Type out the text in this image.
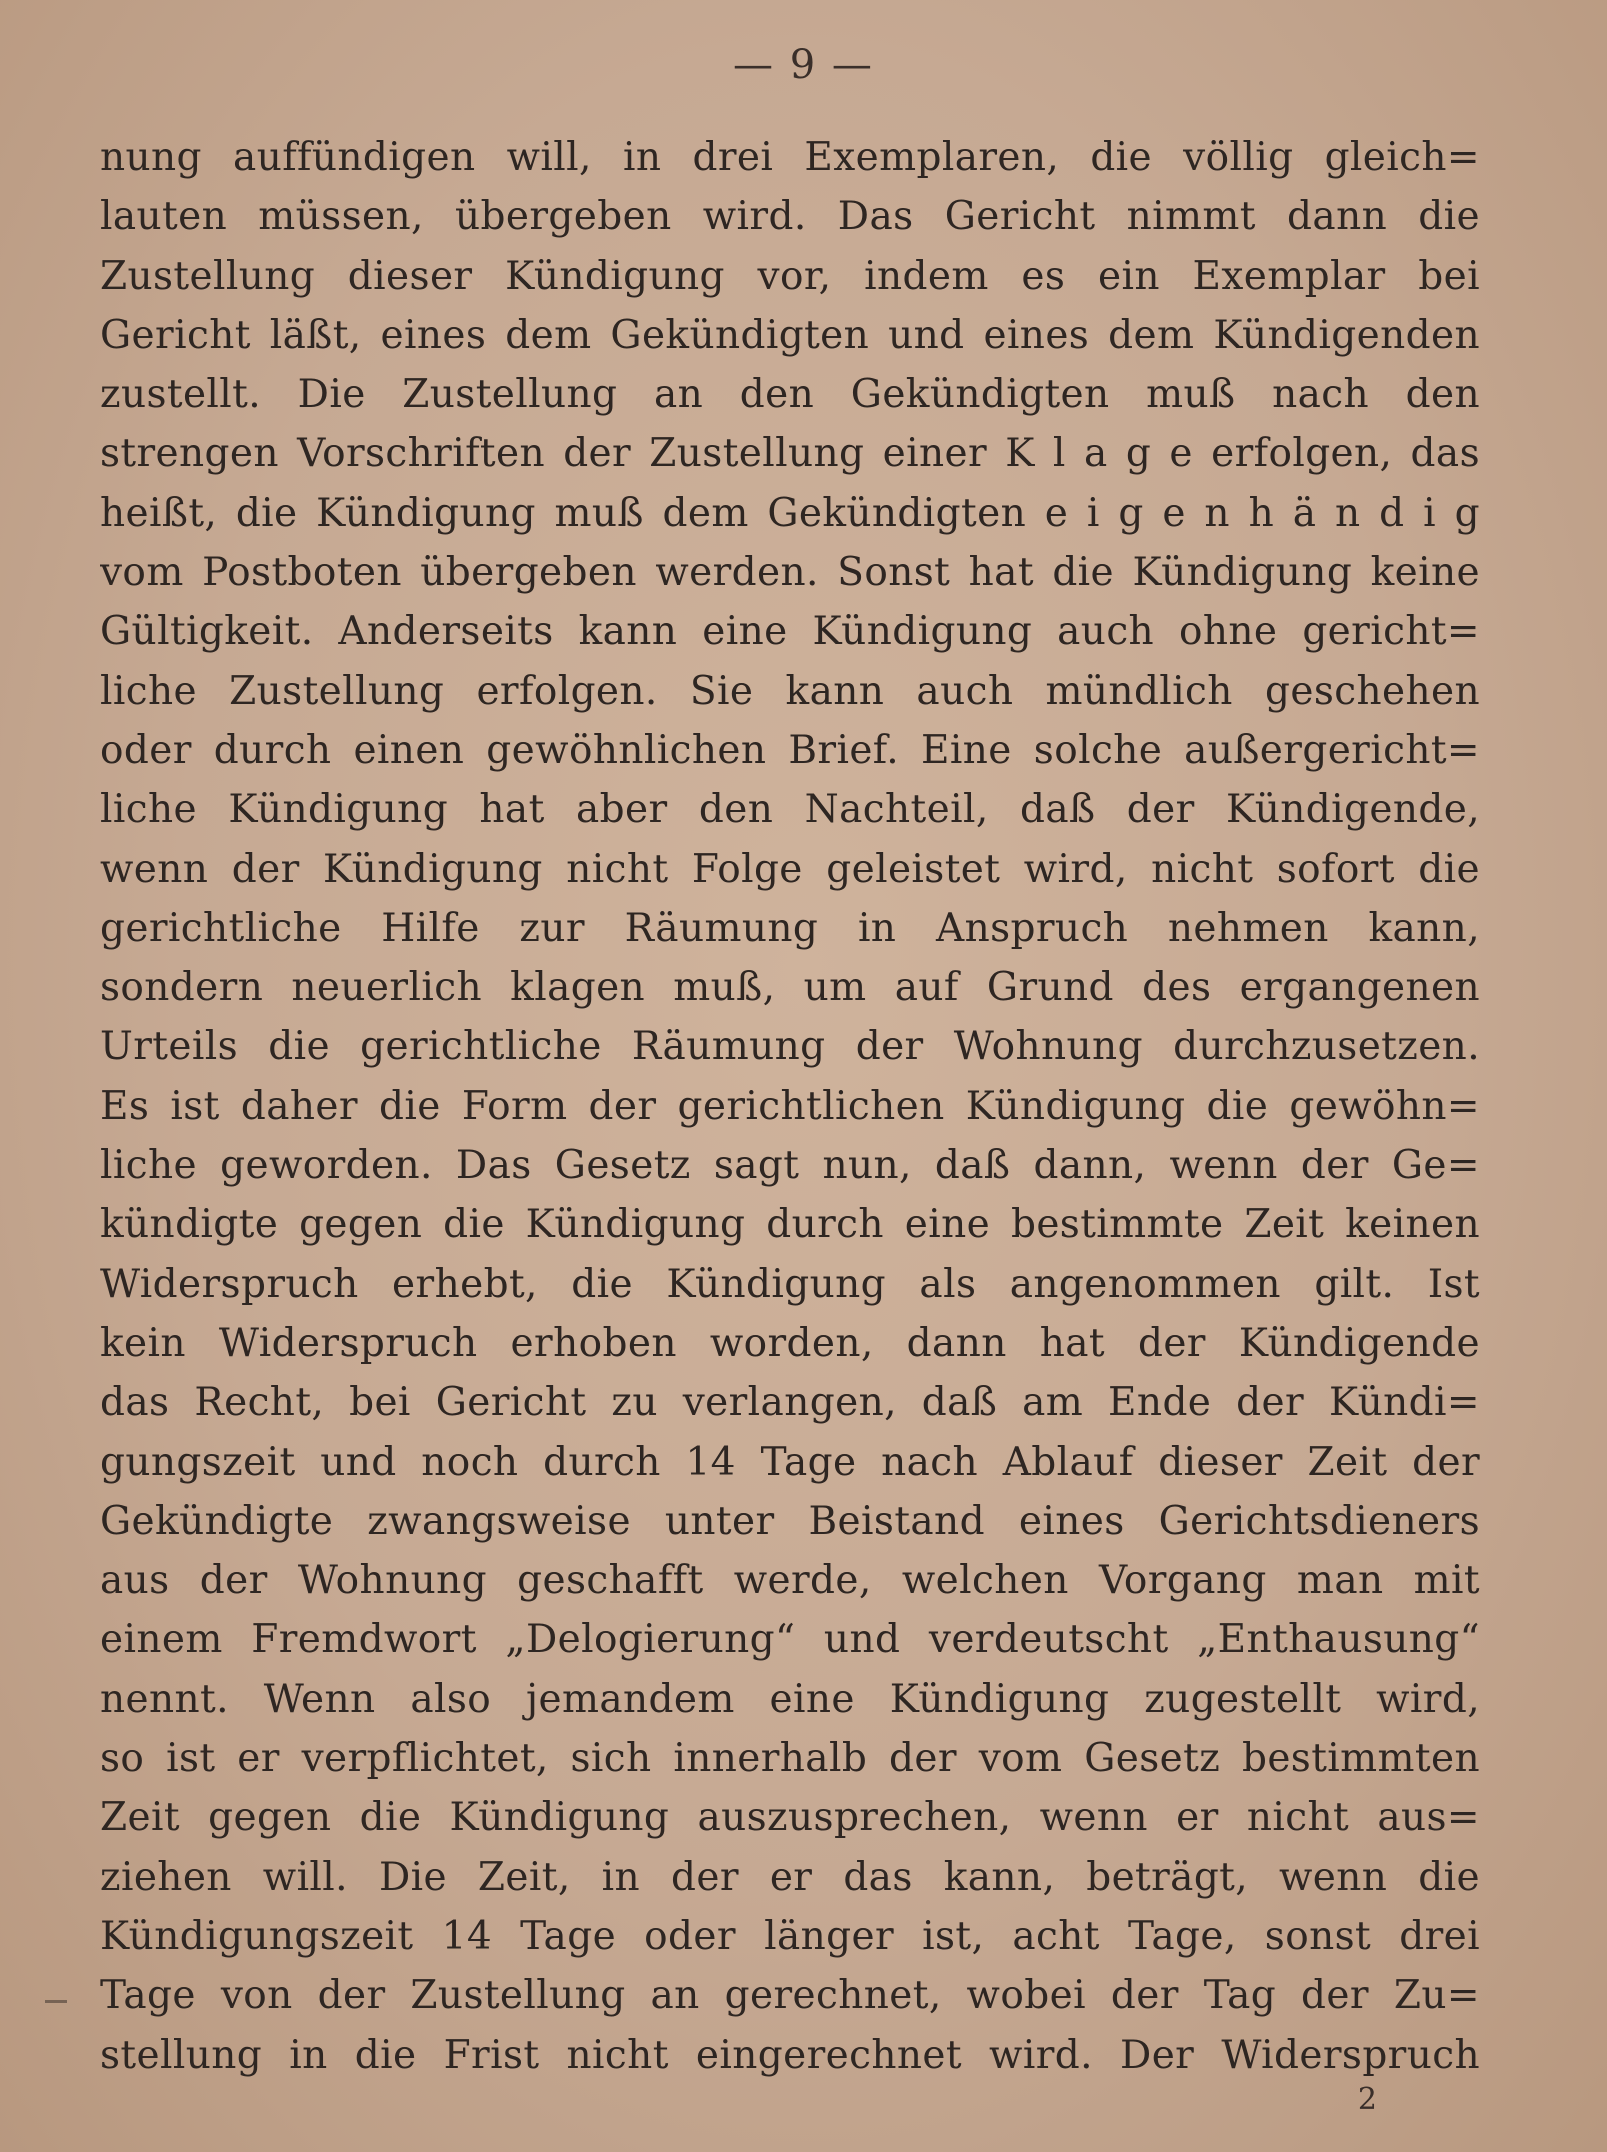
— 9 —
nung auffündigen will, in drei Exemplaren, die völlig gleich=
lauten müssen, übergeben wird. Das Gericht nimmt dann die
Zustellung dieser Kündigung vor, indem es ein Exemplar bei
Gericht läßt, eines dem Gekündigten und eines dem Kündigenden
zustellt. Die Zustellung an den Gekündigten muß nach den
strengen Vorschriften der Zustellung einer K l a g e erfolgen, das
heißt, die Kündigung muß dem Gekündigten e i g e n h ä n d i g
vom Postboten übergeben werden. Sonst hat die Kündigung keine
Gültigkeit. Anderseits kann eine Kündigung auch ohne gericht=
liche Zustellung erfolgen. Sie kann auch mündlich geschehen
oder durch einen gewöhnlichen Brief. Eine solche außergericht=
liche Kündigung hat aber den Nachteil, daß der Kündigende,
wenn der Kündigung nicht Folge geleistet wird, nicht sofort die
gerichtliche Hilfe zur Räumung in Anspruch nehmen kann,
sondern neuerlich klagen muß, um auf Grund des ergangenen
Urteils die gerichtliche Räumung der Wohnung durchzusetzen.
Es ist daher die Form der gerichtlichen Kündigung die gewöhn=
liche geworden. Das Gesetz sagt nun, daß dann, wenn der Ge=
kündigte gegen die Kündigung durch eine bestimmte Zeit keinen
Widerspruch erhebt, die Kündigung als angenommen gilt. Ist
kein Widerspruch erhoben worden, dann hat der Kündigende
das Recht, bei Gericht zu verlangen, daß am Ende der Kündi=
gungszeit und noch durch 14 Tage nach Ablauf dieser Zeit der
Gekündigte zwangsweise unter Beistand eines Gerichtsdieners
aus der Wohnung geschafft werde, welchen Vorgang man mit
einem Fremdwort „Delogierung“ und verdeutscht „Enthausung“
nennt. Wenn also jemandem eine Kündigung zugestellt wird,
so ist er verpflichtet, sich innerhalb der vom Gesetz bestimmten
Zeit gegen die Kündigung auszusprechen, wenn er nicht aus=
ziehen will. Die Zeit, in der er das kann, beträgt, wenn die
Kündigungszeit 14 Tage oder länger ist, acht Tage, sonst drei
Tage von der Zustellung an gerechnet, wobei der Tag der Zu=
stellung in die Frist nicht eingerechnet wird. Der Widerspruch
2
